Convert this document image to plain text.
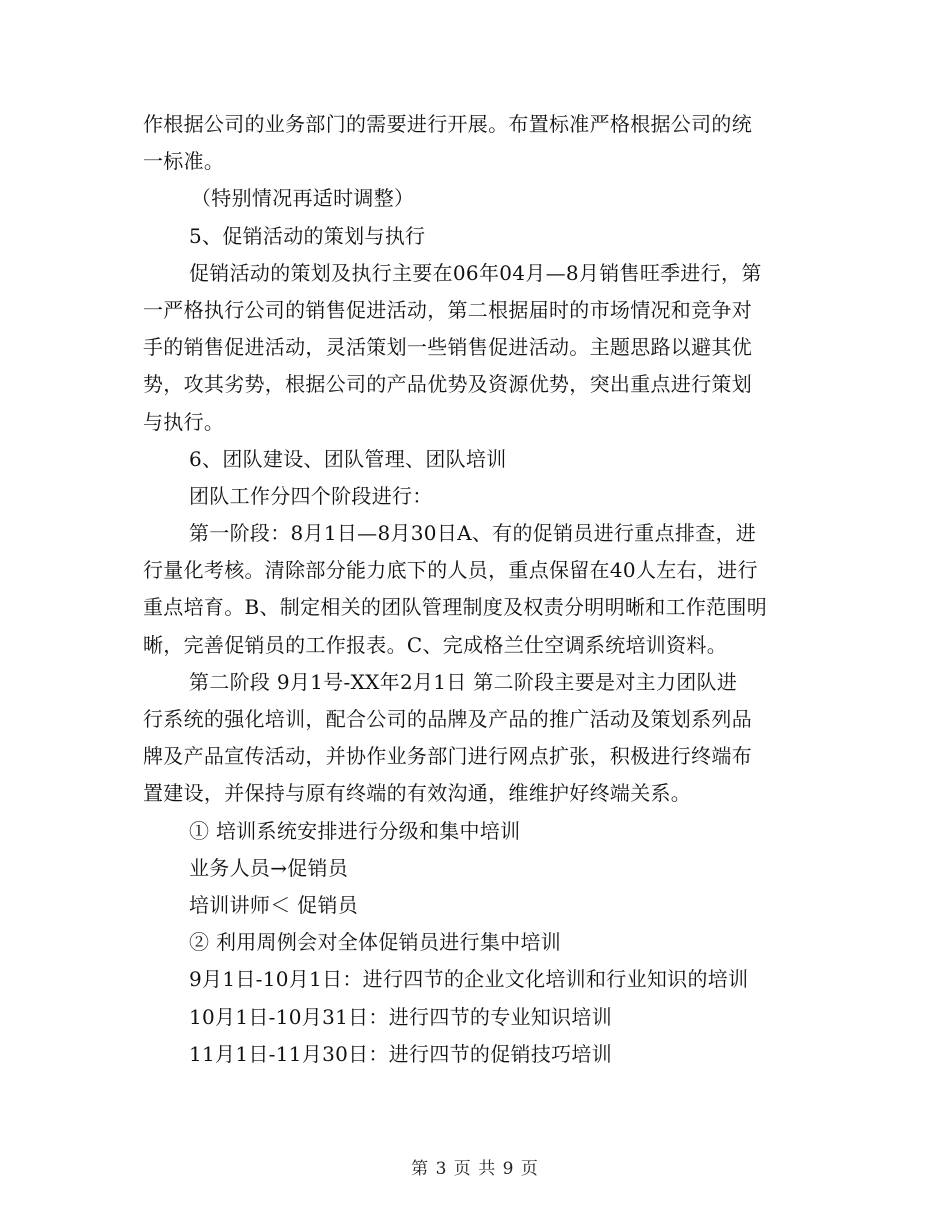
作根据公司的业务部门的需要进行开展。布置标准严格根据公司的统
一标准。
（特别情况再适时调整）
5、促销活动的策划与执行
促销活动的策划及执行主要在06年04月—8月销售旺季进行，第
一严格执行公司的销售促进活动，第二根据届时的市场情况和竞争对
手的销售促进活动，灵活策划一些销售促进活动。主题思路以避其优
势，攻其劣势，根据公司的产品优势及资源优势，突出重点进行策划
与执行。
6、团队建设、团队管理、团队培训
团队工作分四个阶段进行：
第一阶段：8月1日—8月30日A、有的促销员进行重点排查，进
行量化考核。清除部分能力底下的人员，重点保留在40人左右，进行
重点培育。B、制定相关的团队管理制度及权责分明明晰和工作范围明
晰，完善促销员的工作报表。C、完成格兰仕空调系统培训资料。
第二阶段 9月1号-XX年2月1日 第二阶段主要是对主力团队进
行系统的强化培训，配合公司的品牌及产品的推广活动及策划系列品
牌及产品宣传活动，并协作业务部门进行网点扩张，积极进行终端布
置建设，并保持与原有终端的有效沟通，维维护好终端关系。
① 培训系统安排进行分级和集中培训
业务人员→促销员
培训讲师＜ 促销员
② 利用周例会对全体促销员进行集中培训
9月1日-10月1日：进行四节的企业文化培训和行业知识的培训
10月1日-10月31日：进行四节的专业知识培训
11月1日-11月30日：进行四节的促销技巧培训
第 3 页 共 9 页
